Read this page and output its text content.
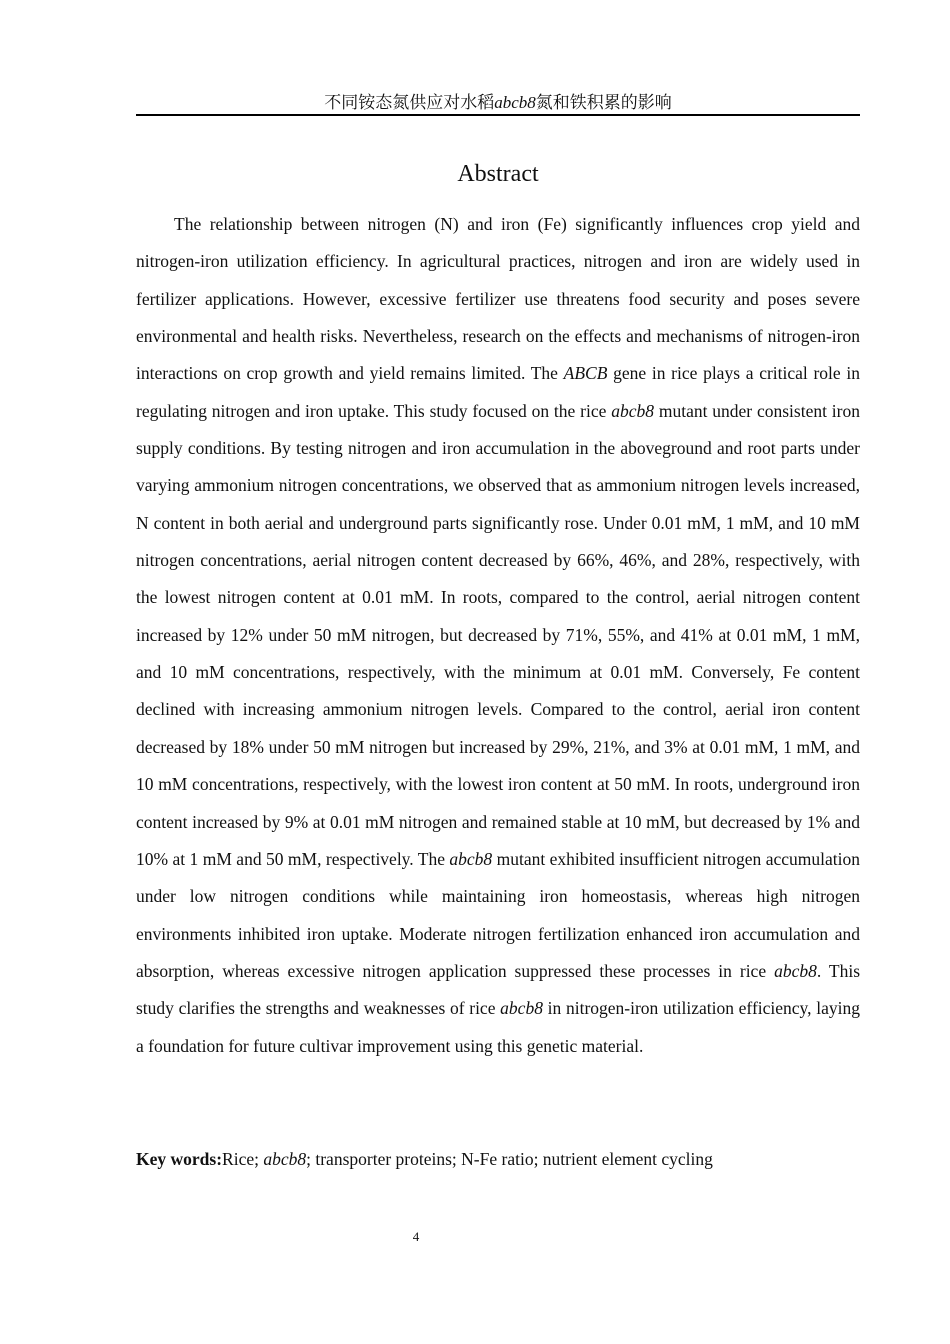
不同铵态氮供应对水稻abcb8氮和铁积累的影响
Abstract

The relationship between nitrogen (N) and iron (Fe) significantly influences crop yield and nitrogen-iron utilization efficiency. In agricultural practices, nitrogen and iron are widely used in fertilizer applications. However, excessive fertilizer use threatens food security and poses severe environmental and health risks. Nevertheless, research on the effects and mechanisms of nitrogen-iron interactions on crop growth and yield remains limited. The ABCB gene in rice plays a critical role in regulating nitrogen and iron uptake. This study focused on the rice abcb8 mutant under consistent iron supply conditions. By testing nitrogen and iron accumulation in the aboveground and root parts under varying ammonium nitrogen concentrations, we observed that as ammonium nitrogen levels increased, N content in both aerial and underground parts significantly rose. Under 0.01 mM, 1 mM, and 10 mM nitrogen concentrations, aerial nitrogen content decreased by 66%, 46%, and 28%, respectively, with the lowest nitrogen content at 0.01 mM. In roots, compared to the control, aerial nitrogen content increased by 12% under 50 mM nitrogen, but decreased by 71%, 55%, and 41% at 0.01 mM, 1 mM, and 10 mM concentrations, respectively, with the minimum at 0.01 mM. Conversely, Fe content declined with increasing ammonium nitrogen levels. Compared to the control, aerial iron content decreased by 18% under 50 mM nitrogen but increased by 29%, 21%, and 3% at 0.01 mM, 1 mM, and 10 mM concentrations, respectively, with the lowest iron content at 50 mM. In roots, underground iron content increased by 9% at 0.01 mM nitrogen and remained stable at 10 mM, but decreased by 1% and 10% at 1 mM and 50 mM, respectively. The abcb8 mutant exhibited insufficient nitrogen accumulation under low nitrogen conditions while maintaining iron homeostasis, whereas high nitrogen environments inhibited iron uptake. Moderate nitrogen fertilization enhanced iron accumulation and absorption, whereas excessive nitrogen application suppressed these processes in rice abcb8. This study clarifies the strengths and weaknesses of rice abcb8 in nitrogen-iron utilization efficiency, laying a foundation for future cultivar improvement using this genetic material.

Key words:Rice; abcb8; transporter proteins; N-Fe ratio; nutrient element cycling

4
